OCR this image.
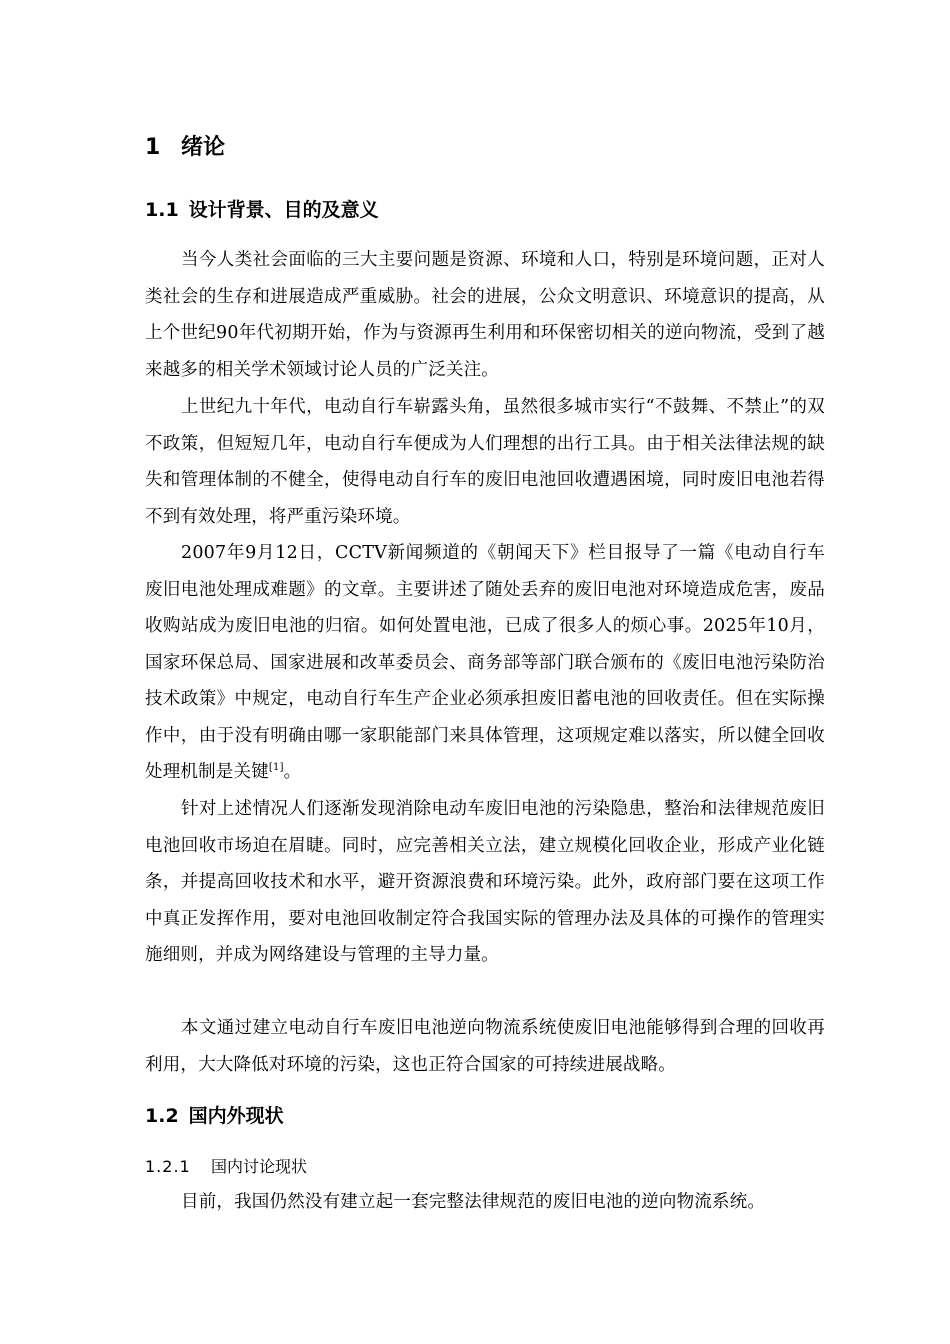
1 绪论
1.1 设计背景、目的及意义

当今人类社会面临的三大主要问题是资源、环境和人口，特别是环境问题，正对人类社会的生存和进展造成严重威胁。社会的进展，公众文明意识、环境意识的提高，从上个世纪90年代初期开始，作为与资源再生利用和环保密切相关的逆向物流，受到了越来越多的相关学术领域讨论人员的广泛关注。

上世纪九十年代，电动自行车崭露头角，虽然很多城市实行“不鼓舞、不禁止”的双不政策，但短短几年，电动自行车便成为人们理想的出行工具。由于相关法律法规的缺失和管理体制的不健全，使得电动自行车的废旧电池回收遭遇困境，同时废旧电池若得不到有效处理，将严重污染环境。

2007年9月12日，CCTV新闻频道的《朝闻天下》栏目报导了一篇《电动自行车废旧电池处理成难题》的文章。主要讲述了随处丢弃的废旧电池对环境造成危害，废品收购站成为废旧电池的归宿。如何处置电池，已成了很多人的烦心事。2025年10月，国家环保总局、国家进展和改革委员会、商务部等部门联合颁布的《废旧电池污染防治技术政策》中规定，电动自行车生产企业必须承担废旧蓄电池的回收责任。但在实际操作中，由于没有明确由哪一家职能部门来具体管理，这项规定难以落实，所以健全回收处理机制是关键[1]。

针对上述情况人们逐渐发现消除电动车废旧电池的污染隐患，整治和法律规范废旧电池回收市场迫在眉睫。同时，应完善相关立法，建立规模化回收企业，形成产业化链条，并提高回收技术和水平，避开资源浪费和环境污染。此外，政府部门要在这项工作中真正发挥作用，要对电池回收制定符合我国实际的管理办法及具体的可操作的管理实施细则，并成为网络建设与管理的主导力量。

本文通过建立电动自行车废旧电池逆向物流系统使废旧电池能够得到合理的回收再利用，大大降低对环境的污染，这也正符合国家的可持续进展战略。

1.2 国内外现状
1.2.1 国内讨论现状

目前，我国仍然没有建立起一套完整法律规范的废旧电池的逆向物流系统。
